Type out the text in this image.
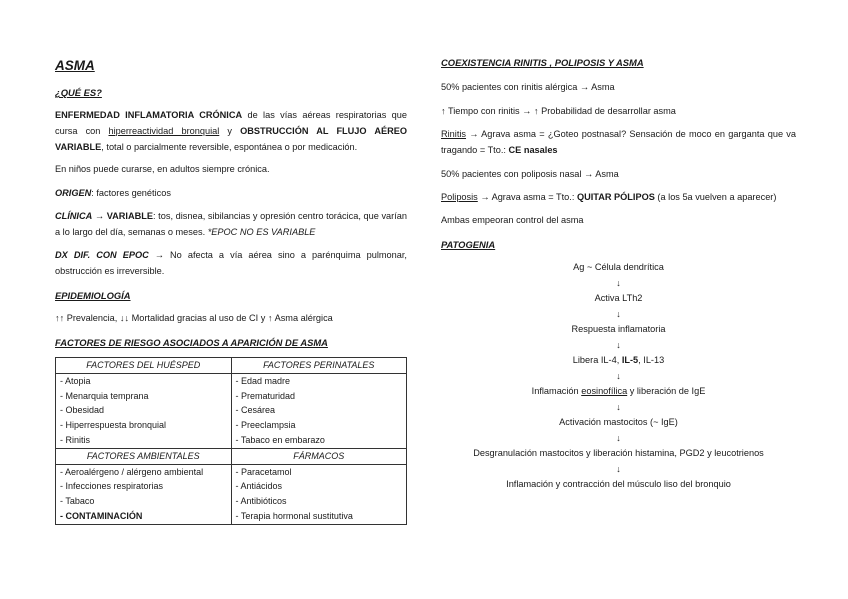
ASMA
¿QUÉ ES?
ENFERMEDAD INFLAMATORIA CRÓNICA de las vías aéreas respiratorias que cursa con hiperreactividad bronquial y OBSTRUCCIÓN AL FLUJO AÉREO VARIABLE, total o parcialmente reversible, espontánea o por medicación.
En niños puede curarse, en adultos siempre crónica.
ORIGEN: factores genéticos
CLÍNICA → VARIABLE: tos, disnea, sibilancias y opresión centro torácica, que varían a lo largo del día, semanas o meses. *EPOC NO ES VARIABLE
DX DIF. CON EPOC → No afecta a vía aérea sino a parénquima pulmonar, obstrucción es irreversible.
EPIDEMIOLOGÍA
↑↑ Prevalencia, ↓↓ Mortalidad gracias al uso de CI y ↑ Asma alérgica
FACTORES DE RIESGO ASOCIADOS A APARICIÓN DE ASMA
FACTORES DEL HUÉSPED	FACTORES PERINATALES
- Atopia	- Edad madre
- Menarquia temprana	- Prematuridad
- Obesidad	- Cesárea
- Hiperrespuesta bronquial	- Preeclampsia
- Rinitis	- Tabaco en embarazo
FACTORES AMBIENTALES	FÁRMACOS
- Aeroalérgeno / alérgeno ambiental	- Paracetamol
- Infecciones respiratorias	- Antiácidos
- Tabaco	- Antibióticos
- CONTAMINACIÓN	- Terapia hormonal sustitutiva
COEXISTENCIA RINITIS , POLIPOSIS Y ASMA
50% pacientes con rinitis alérgica → Asma
↑ Tiempo con rinitis → ↑ Probabilidad de desarrollar asma
Rinitis → Agrava asma = ¿Goteo postnasal? Sensación de moco en garganta que va tragando = Tto.: CE nasales
50% pacientes con poliposis nasal → Asma
Poliposis → Agrava asma = Tto.: QUITAR PÓLIPOS (a los 5a vuelven a aparecer)
Ambas empeoran control del asma
PATOGENIA
Ag ~ Célula dendrítica
↓
Activa LTh2
↓
Respuesta inflamatoria
↓
Libera IL-4, IL-5, IL-13
↓
Inflamación eosinofílica y liberación de IgE
↓
Activación mastocitos (~ IgE)
↓
Desgranulación mastocitos y liberación histamina, PGD2 y leucotrienos
↓
Inflamación y contracción del músculo liso del bronquio
